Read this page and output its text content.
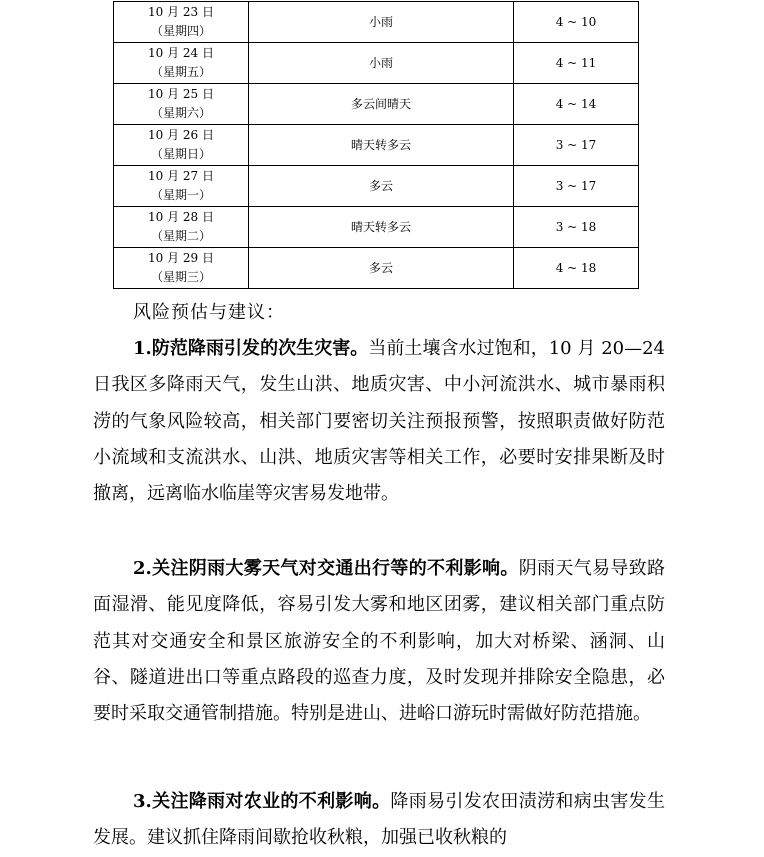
10 月 23 日
（星期四）	小雨	4 ~ 10

10 月 24 日
（星期五）	小雨	4 ~ 11

10 月 25 日
（星期六）	多云间晴天	4 ~ 14

10 月 26 日
（星期日）	晴天转多云	3 ~ 17

10 月 27 日
（星期一）	多云	3 ~ 17

10 月 28 日
（星期二）	晴天转多云	3 ~ 18

10 月 29 日
（星期三）	多云	4 ~ 18
风险预估与建议：

1.防范降雨引发的次生灾害。当前土壤含水过饱和，10 月 20—24 日我区多降雨天气，发生山洪、地质灾害、中小河流洪水、城市暴雨积涝的气象风险较高，相关部门要密切关注预报预警，按照职责做好防范小流域和支流洪水、山洪、地质灾害等相关工作，必要时安排果断及时撤离，远离临水临崖等灾害易发地带。

2.关注阴雨大雾天气对交通出行等的不利影响。阴雨天气易导致路面湿滑、能见度降低，容易引发大雾和地区团雾，建议相关部门重点防范其对交通安全和景区旅游安全的不利影响，加大对桥梁、涵洞、山谷、隧道进出口等重点路段的巡查力度，及时发现并排除安全隐患，必要时采取交通管制措施。特别是进山、进峪口游玩时需做好防范措施。

3.关注降雨对农业的不利影响。降雨易引发农田渍涝和病虫害发生发展。建议抓住降雨间歇抢收秋粮，加强已收秋粮的
